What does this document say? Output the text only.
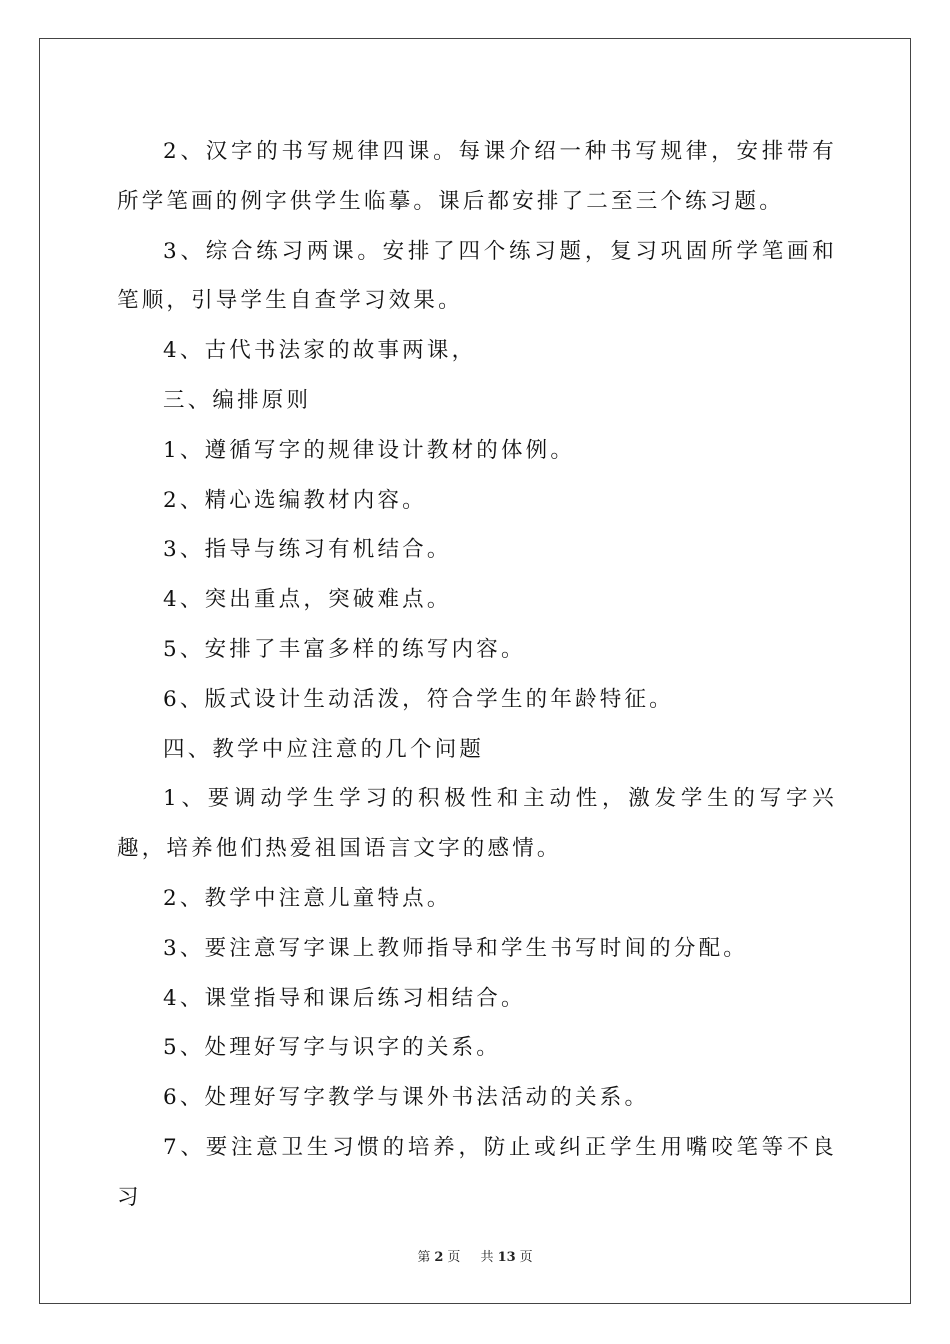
2、汉字的书写规律四课。每课介绍一种书写规律，安排带有所学笔画的例字供学生临摹。课后都安排了二至三个练习题。

3、综合练习两课。安排了四个练习题，复习巩固所学笔画和笔顺，引导学生自查学习效果。

4、古代书法家的故事两课，

三、编排原则

1、遵循写字的规律设计教材的体例。

2、精心选编教材内容。

3、指导与练习有机结合。

4、突出重点，突破难点。

5、安排了丰富多样的练写内容。

6、版式设计生动活泼，符合学生的年龄特征。

四、教学中应注意的几个问题

1、要调动学生学习的积极性和主动性，激发学生的写字兴趣，培养他们热爱祖国语言文字的感情。

2、教学中注意儿童特点。

3、要注意写字课上教师指导和学生书写时间的分配。

4、课堂指导和课后练习相结合。

5、处理好写字与识字的关系。

6、处理好写字教学与课外书法活动的关系。

7、要注意卫生习惯的培养，防止或纠正学生用嘴咬笔等不良习

第 2 页 共 13 页
